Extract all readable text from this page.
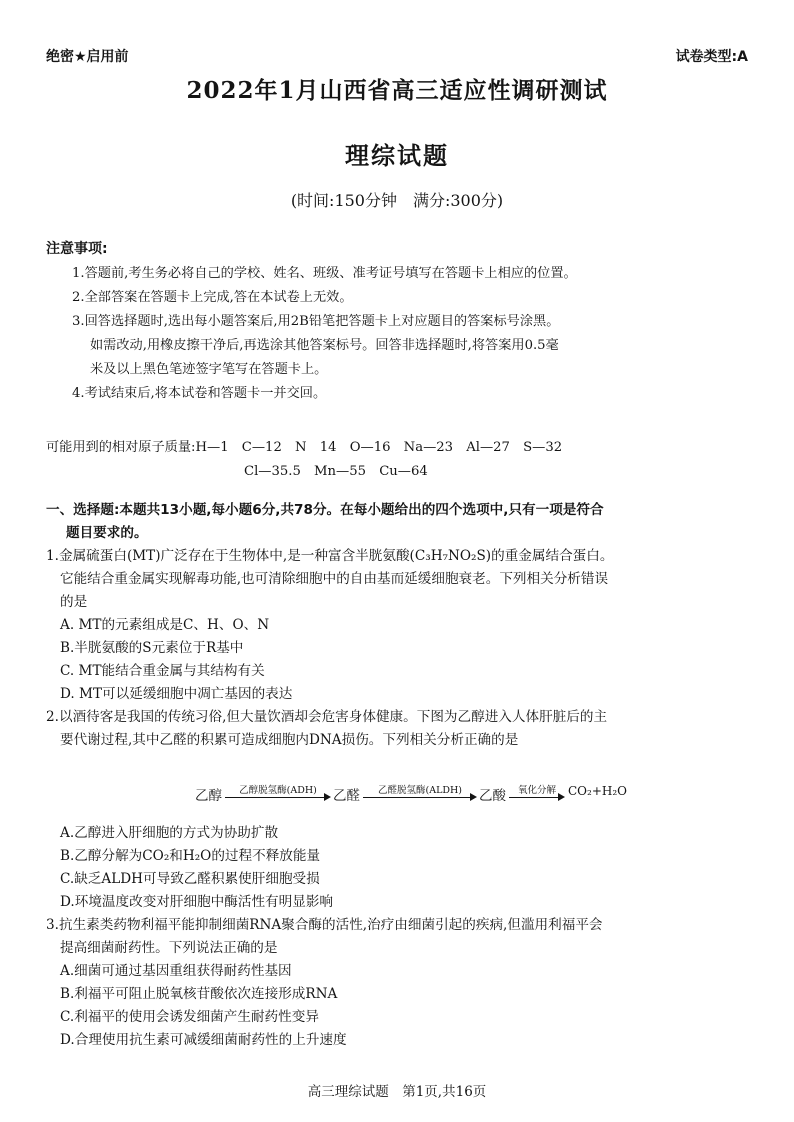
绝密★启用前	试卷类型:A
2022年1月山西省高三适应性调研测试
理综试题
(时间:150分钟　满分:300分)
注意事项:
1.答题前,考生务必将自己的学校、姓名、班级、准考证号填写在答题卡上相应的位置。
2.全部答案在答题卡上完成,答在本试卷上无效。
3.回答选择题时,选出每小题答案后,用2B铅笔把答题卡上对应题目的答案标号涂黑。
如需改动,用橡皮擦干净后,再选涂其他答案标号。回答非选择题时,将答案用0.5毫
米及以上黑色笔迹签字笔写在答题卡上。
4.考试结束后,将本试卷和答题卡一并交回。
可能用到的相对原子质量:H—1　C—12　N　14　O—16　Na—23　Al—27　S—32
Cl—35.5　Mn—55　Cu—64
一、选择题:本题共13小题,每小题6分,共78分。在每小题给出的四个选项中,只有一项是符合
题目要求的。
1.金属硫蛋白(MT)广泛存在于生物体中,是一种富含半胱氨酸(C₃H₇NO₂S)的重金属结合蛋白。
它能结合重金属实现解毒功能,也可清除细胞中的自由基而延缓细胞衰老。下列相关分析错误
的是
A. MT的元素组成是C、H、O、N
B.半胱氨酸的S元素位于R基中
C. MT能结合重金属与其结构有关
D. MT可以延缓细胞中凋亡基因的表达
2.以酒待客是我国的传统习俗,但大量饮酒却会危害身体健康。下图为乙醇进入人体肝脏后的主
要代谢过程,其中乙醛的积累可造成细胞内DNA损伤。下列相关分析正确的是
乙醇	乙醇脱氢酶(ADH)	乙醛	乙醛脱氢酶(ALDH)	乙酸	氧化分解	CO₂+H₂O
A.乙醇进入肝细胞的方式为协助扩散
B.乙醇分解为CO₂和H₂O的过程不释放能量
C.缺乏ALDH可导致乙醛积累使肝细胞受损
D.环境温度改变对肝细胞中酶活性有明显影响
3.抗生素类药物利福平能抑制细菌RNA聚合酶的活性,治疗由细菌引起的疾病,但滥用利福平会
提高细菌耐药性。下列说法正确的是
A.细菌可通过基因重组获得耐药性基因
B.利福平可阻止脱氧核苷酸依次连接形成RNA
C.利福平的使用会诱发细菌产生耐药性变异
D.合理使用抗生素可减缓细菌耐药性的上升速度
高三理综试题　第1页,共16页
